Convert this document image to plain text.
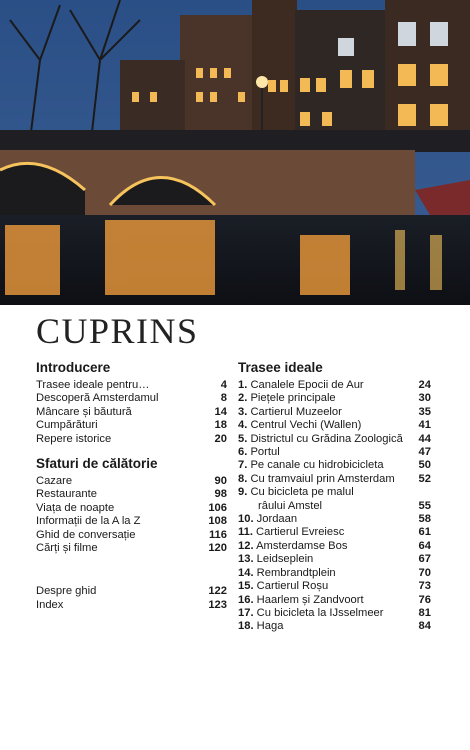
CUPRINS
Introducere
Trasee ideale pentru…	4
Descoperă Amsterdamul	8
Mâncare și băutură	14
Cumpărături	18
Repere istorice	20
Sfaturi de călătorie
Cazare	90
Restaurante	98
Viața de noapte	106
Informații de la A la Z	108
Ghid de conversație	116
Cărți și filme	120
Despre ghid	122
Index	123
Trasee ideale
1. Canalele Epocii de Aur	24
2. Piețele principale	30
3. Cartierul Muzeelor	35
4. Centrul Vechi (Wallen)	41
5. Districtul cu Grădina Zoologică	44
6. Portul	47
7. Pe canale cu hidrobicicleta	50
8. Cu tramvaiul prin Amsterdam	52
9. Cu bicicleta pe malul
râului Amstel	55
10. Jordaan	58
11. Cartierul Evreiesc	61
12. Amsterdamse Bos	64
13. Leidseplein	67
14. Rembrandtplein	70
15. Cartierul Roșu	73
16. Haarlem și Zandvoort	76
17. Cu bicicleta la IJsselmeer	81
18. Haga	84
